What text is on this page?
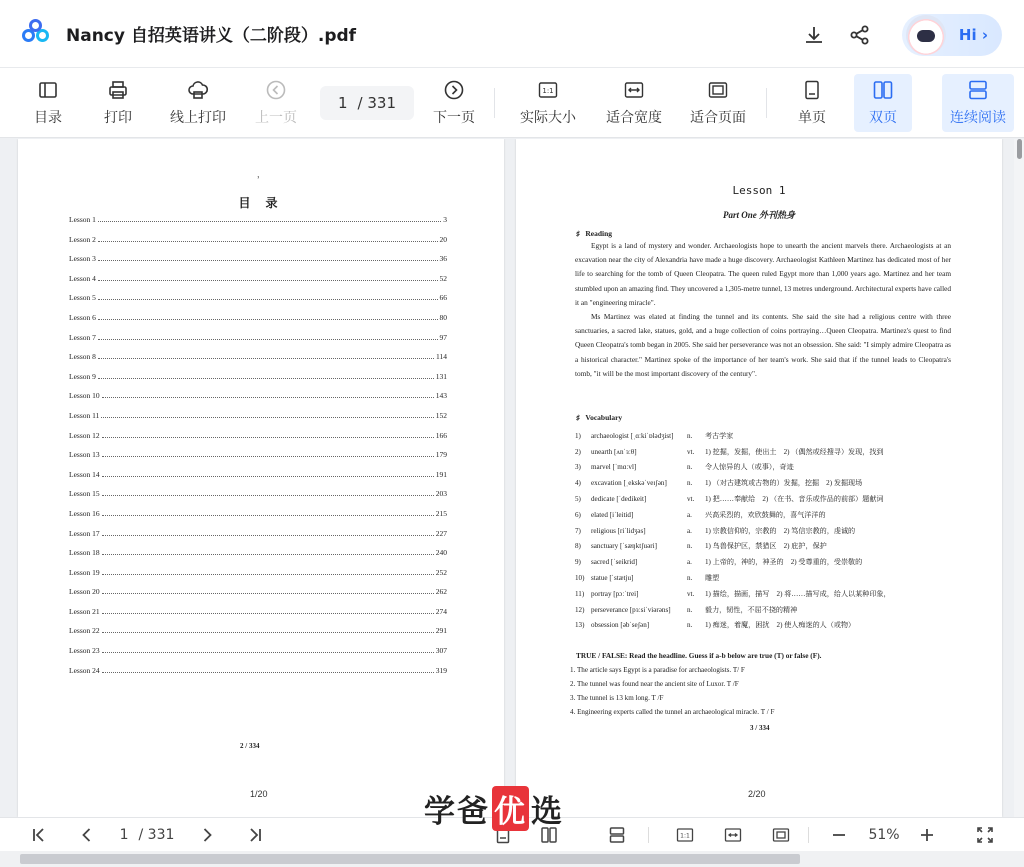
Nancy 自招英语讲义（二阶段）.pdf	Hi ›
目录	打印	线上打印 上一页
1 / 331
下一页
1:1
实际大小 适合宽度 适合页面	单页	双页	连续阅读
，
目 录
Lesson 1	3
Lesson 2	20
Lesson 3	36
Lesson 4	52
Lesson 5	66
Lesson 6	80
Lesson 7	97
Lesson 8	114
Lesson 9	131
Lesson 10	143
Lesson 11	152
Lesson 12	166
Lesson 13	179
Lesson 14	191
Lesson 15	203
Lesson 16	215
Lesson 17	227
Lesson 18	240
Lesson 19	252
Lesson 20	262
Lesson 21	274
Lesson 22	291
Lesson 23	307
Lesson 24	319
2 / 334
1/20
Lesson 1
Part One 外刊热身
♯   Reading
Egypt is a land of mystery and wonder. Archaeologists hope to unearth the ancient marvels there. Archaeologists at an excavation near the city of Alexandria have made a huge discovery. Archaeologist Kathleen Martinez has dedicated most of her life to searching for the tomb of Queen Cleopatra. The queen ruled Egypt more than 1,000 years ago. Martinez and her team stumbled upon an amazing find. They uncovered a 1,305-metre tunnel, 13 metres underground. Architectural experts have called it an "engineering miracle".
Ms Martinez was elated at finding the tunnel and its contents. She said the site had a religious centre with three sanctuaries, a sacred lake, statues, gold, and a huge collection of coins portraying…Queen Cleopatra. Martinez's quest to find Queen Cleopatra's tomb began in 2005. She said her perseverance was not an obsession. She said: "I simply admire Cleopatra as a historical character." Martinez spoke of the importance of her team's work. She said that if the tunnel leads to Cleopatra's tomb, "it will be the most important discovery of the century".
♯   Vocabulary
1)	archaeologist [ˌɑːkiˈɒlədʒist]	n.	考古学家
2)	unearth [ʌnˈɜːθ]	vt.	1) 挖掘，发掘，使出土　2) （偶然或经搜寻）发现，找到
3)	marvel [ˈmɑːvl]	n.	令人惊异的人（或事），奇迹
4)	excavation [ˌekskəˈveɪʃən]	n.	1) （对古建筑或古物的）发掘，挖掘　2) 发掘现场
5)	dedicate [ˈdedikeit]	vt.	1) 把……奉献给　2) （在书、音乐或作品的前部）题献词
6)	elated [iˈleitid]	a.	兴高采烈的，欢欣鼓舞的，喜气洋洋的
7)	religious [riˈlidʒəs]	a.	1) 宗教信仰的，宗教的　2) 笃信宗教的，虔诚的
8)	sanctuary [ˈsæŋktʃuəri]	n.	1) 鸟兽保护区，禁猎区　2) 庇护，保护
9)	sacred [ˈseikrid]	a.	1) 上帝的，神的，神圣的　2) 受尊重的，受崇敬的
10) statue [ˈstætju]	n.	雕塑
11) portray [pɔːˈtrei]	vt.	1) 描绘，描画，描写　2) 将……描写成，给人以某种印象，
12) perseverance [pɜːsiˈviərəns]	n.	毅力，韧性，不屈不挠的精神
13) obsession [əbˈseʃən]	n.	1) 痴迷，着魔，困扰　2) 使人痴迷的人（或物）
TRUE / FALSE: Read the headline. Guess if a-b below are true (T) or false (F).
1. The article says Egypt is a paradise for archaeologists. T/ F
2. The tunnel was found near the ancient site of Luxor. T /F
3. The tunnel is 13 km long. T /F
4. Engineering experts called the tunnel an archaeological miracle. T / F
3 / 334
2/20
1 / 331	1:1	51%
学爸 优 选
